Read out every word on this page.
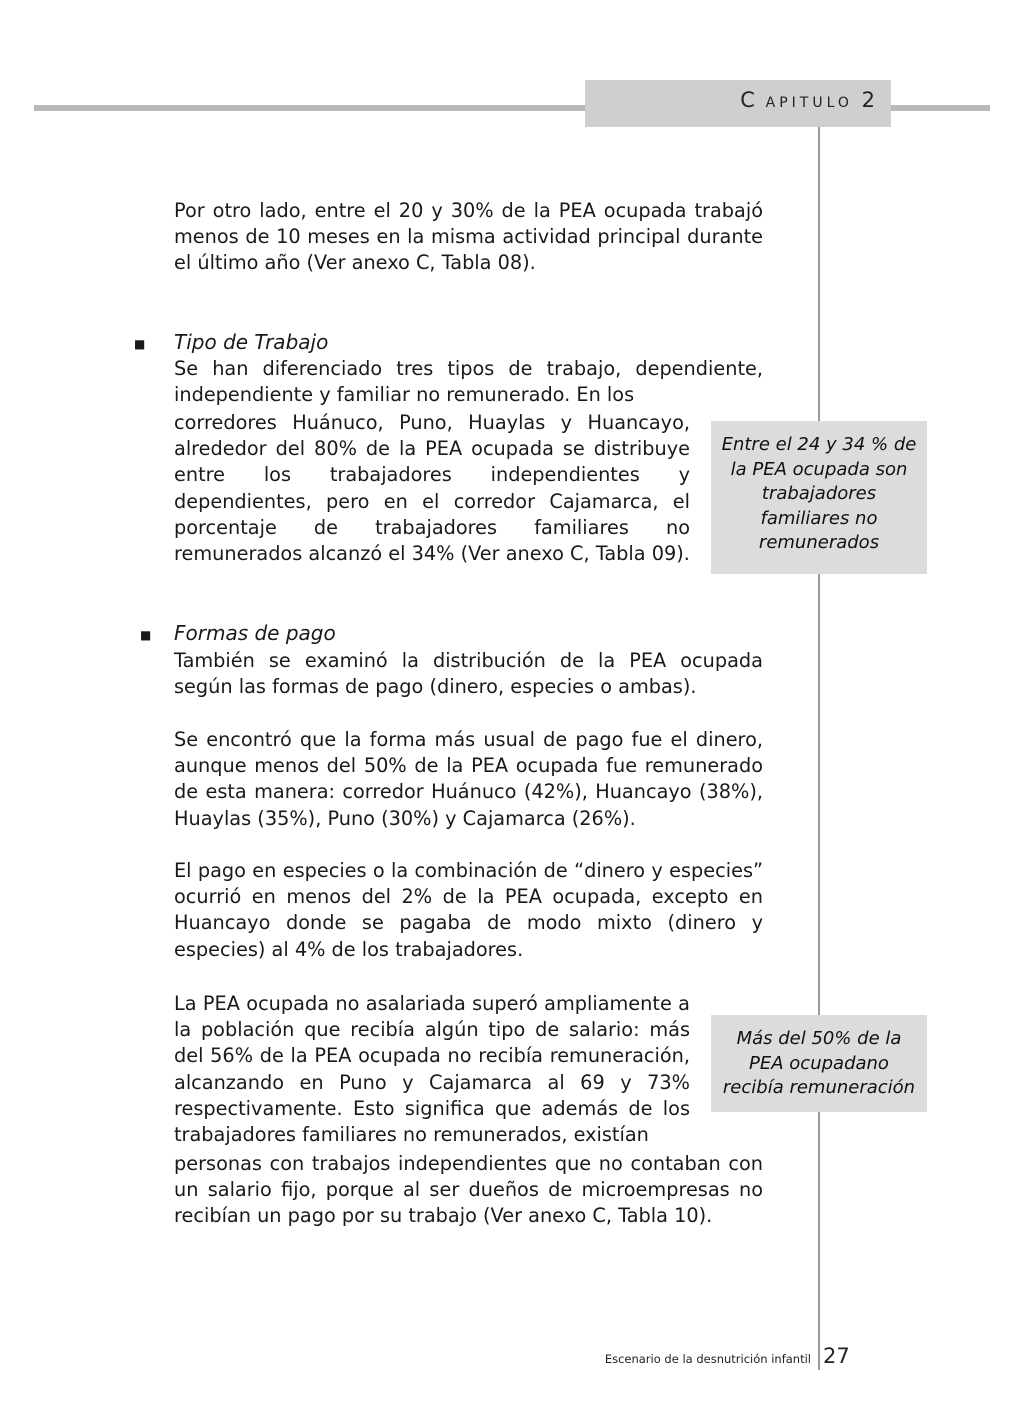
C APITULO 2

Por otro lado, entre el 20 y 30% de la PEA ocupada trabajó menos de 10 meses en la misma actividad principal durante el último año (Ver anexo C, Tabla 08).

■ Tipo de Trabajo

Se han diferenciado tres tipos de trabajo, dependiente, independiente y familiar no remunerado. En los

corredores Huánuco, Puno, Huaylas y Huancayo, alrededor del 80% de la PEA ocupada se distribuye entre los trabajadores independientes y dependientes, pero en el corredor Cajamarca, el porcentaje de trabajadores familiares no remunerados alcanzó el 34% (Ver anexo C, Tabla 09).

Entre el 24 y 34 % de
la PEA ocupada son
trabajadores
familiares no
remunerados
■ Formas de pago

También se examinó la distribución de la PEA ocupada según las formas de pago (dinero, especies o ambas).

Se encontró que la forma más usual de pago fue el dinero, aunque menos del 50% de la PEA ocupada fue remunerado de esta manera: corredor Huánuco (42%), Huancayo (38%), Huaylas (35%), Puno (30%) y Cajamarca (26%).

El pago en especies o la combinación de “dinero y especies” ocurrió en menos del 2% de la PEA ocupada, excepto en Huancayo donde se pagaba de modo mixto (dinero y especies) al 4% de los trabajadores.

La PEA ocupada no asalariada superó ampliamente a la población que recibía algún tipo de salario: más del 56% de la PEA ocupada no recibía remuneración, alcanzando en Puno y Cajamarca al 69 y 73% respectivamente. Esto significa que además de los trabajadores familiares no remunerados, existían

personas con trabajos independientes que no contaban con un salario fijo, porque al ser dueños de microempresas no recibían un pago por su trabajo (Ver anexo C, Tabla 10).

Más del 50% de la
PEA ocupadano
recibía remuneración
Escenario de la desnutrición infantil 27
